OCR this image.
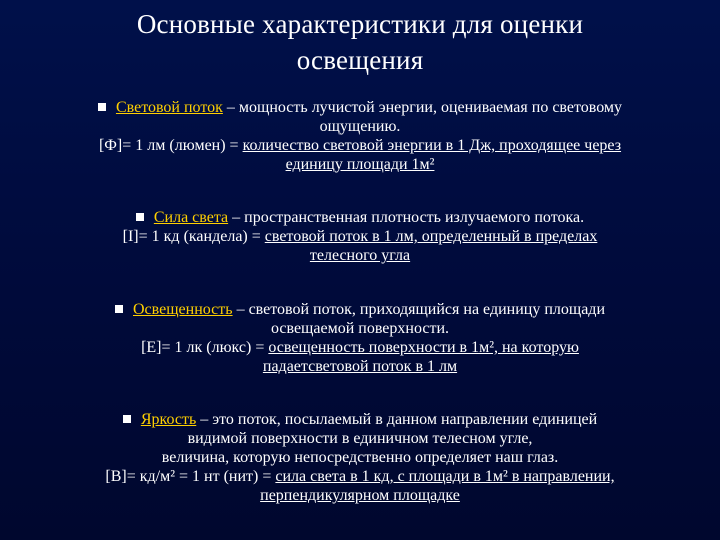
Основные характеристики для оценки
освещения
Световой поток – мощность лучистой энергии, оцениваемая по световому
ощущению.
[Ф]= 1 лм (люмен) = количество световой энергии в 1 Дж, проходящее через
единицу площади 1м²
Сила света – пространственная плотность излучаемого потока.
[I]= 1 кд (кандела) = световой поток в 1 лм, определенный в пределах
телесного угла
Освещенность – световой поток, приходящийся на единицу площади
освещаемой поверхности.
[Е]= 1 лк (люкс) = освещенность поверхности в 1м², на которую
падаетсветовой поток в 1 лм
Яркость – это поток, посылаемый в данном направлении единицей
видимой поверхности в единичном телесном угле,
величина, которую непосредственно определяет наш глаз.
[В]= кд/м² = 1 нт (нит) = сила света в 1 кд, с площади в 1м² в направлении,
перпендикулярном площадке
